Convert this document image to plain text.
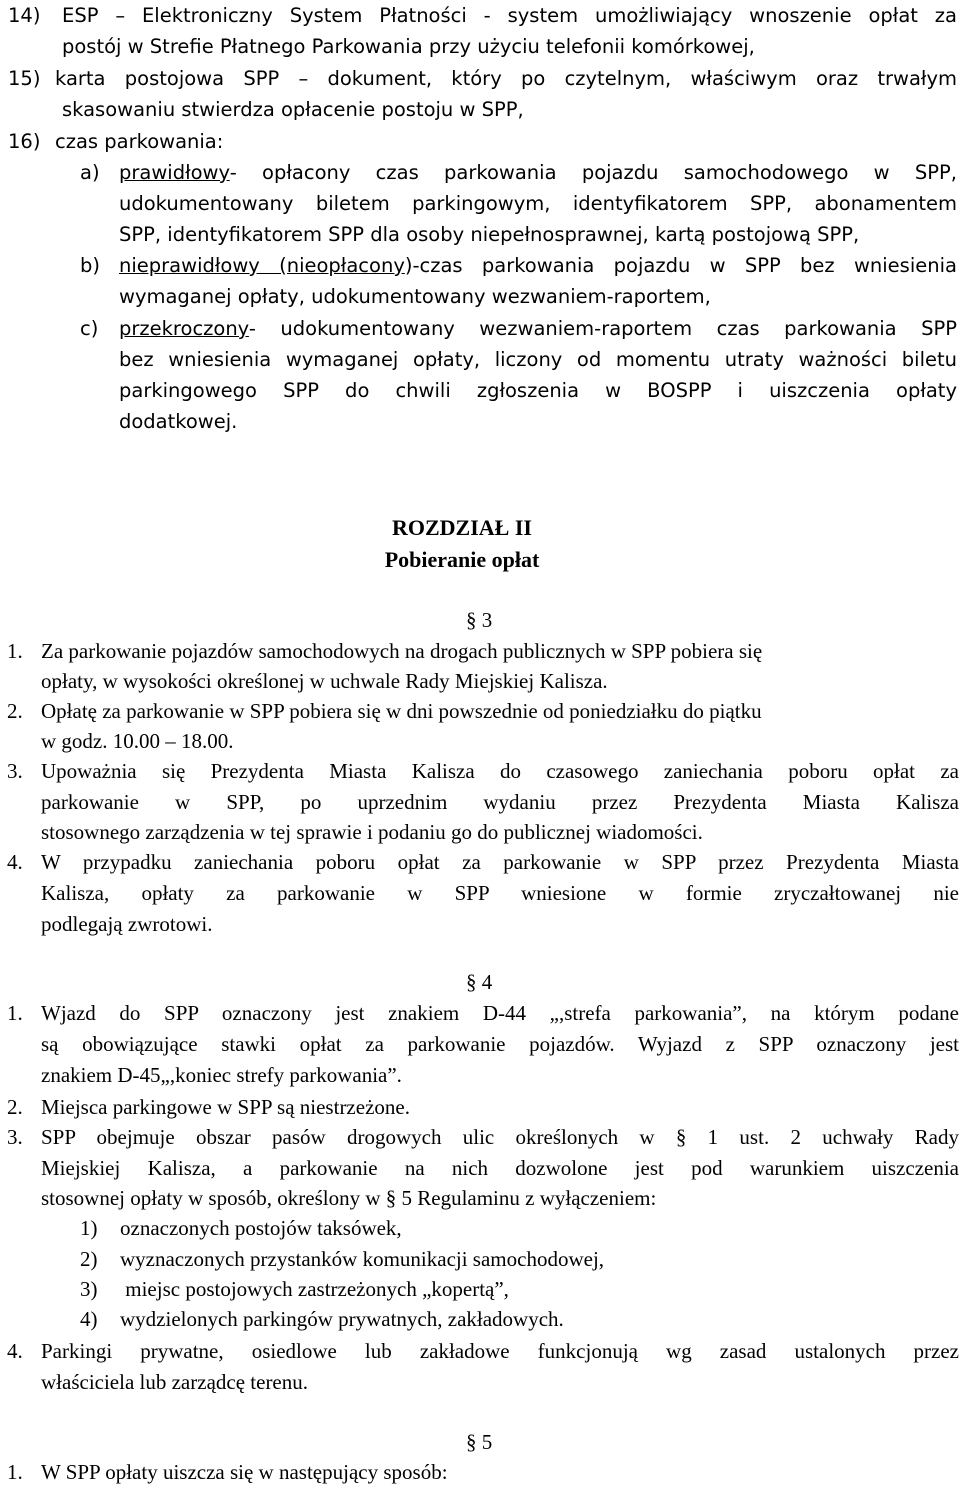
14) ESP – Elektroniczny System Płatności - system umożliwiający wnoszenie opłat za
postój w Strefie Płatnego Parkowania przy użyciu telefonii komórkowej,
15) karta postojowa SPP – dokument, który po czytelnym, właściwym oraz trwałym
skasowaniu stwierdza opłacenie postoju w SPP,
16) czas parkowania:
a) prawidłowy- opłacony czas parkowania pojazdu samochodowego w SPP,
udokumentowany biletem parkingowym, identyfikatorem SPP, abonamentem
SPP, identyfikatorem SPP dla osoby niepełnosprawnej, kartą postojową SPP,
b) nieprawidłowy (nieopłacony)-czas parkowania pojazdu w SPP bez wniesienia
wymaganej opłaty, udokumentowany wezwaniem-raportem,
c) przekroczony- udokumentowany wezwaniem-raportem czas parkowania SPP
bez wniesienia wymaganej opłaty, liczony od momentu utraty ważności biletu
parkingowego SPP do chwili zgłoszenia w BOSPP i uiszczenia opłaty
dodatkowej.
ROZDZIAŁ II
Pobieranie opłat
§ 3
1. Za parkowanie pojazdów samochodowych na drogach publicznych w SPP pobiera się
opłaty, w wysokości określonej w uchwale Rady Miejskiej Kalisza.
2. Opłatę za parkowanie w SPP pobiera się w dni powszednie od poniedziałku do piątku
w godz. 10.00 – 18.00.
3. Upoważnia się Prezydenta Miasta Kalisza do czasowego zaniechania poboru opłat za
parkowanie w SPP, po uprzednim wydaniu przez Prezydenta Miasta Kalisza
stosownego zarządzenia w tej sprawie i podaniu go do publicznej wiadomości.
4. W przypadku zaniechania poboru opłat za parkowanie w SPP przez Prezydenta Miasta
Kalisza, opłaty za parkowanie w SPP wniesione w formie zryczałtowanej nie
podlegają zwrotowi.
§ 4
1. Wjazd do SPP oznaczony jest znakiem D-44 „,strefa parkowania”, na którym podane
są obowiązujące stawki opłat za parkowanie pojazdów. Wyjazd z SPP oznaczony jest
znakiem D-45„,koniec strefy parkowania”.
2. Miejsca parkingowe w SPP są niestrzeżone.
3. SPP obejmuje obszar pasów drogowych ulic określonych w § 1 ust. 2 uchwały Rady
Miejskiej Kalisza, a parkowanie na nich dozwolone jest pod warunkiem uiszczenia
stosownej opłaty w sposób, określony w § 5 Regulaminu z wyłączeniem:
1) oznaczonych postojów taksówek,
2) wyznaczonych przystanków komunikacji samochodowej,
3) miejsc postojowych zastrzeżonych „kopertą”,
4) wydzielonych parkingów prywatnych, zakładowych.
4. Parkingi prywatne, osiedlowe lub zakładowe funkcjonują wg zasad ustalonych przez
właściciela lub zarządcę terenu.
§ 5
1. W SPP opłaty uiszcza się w następujący sposób:
